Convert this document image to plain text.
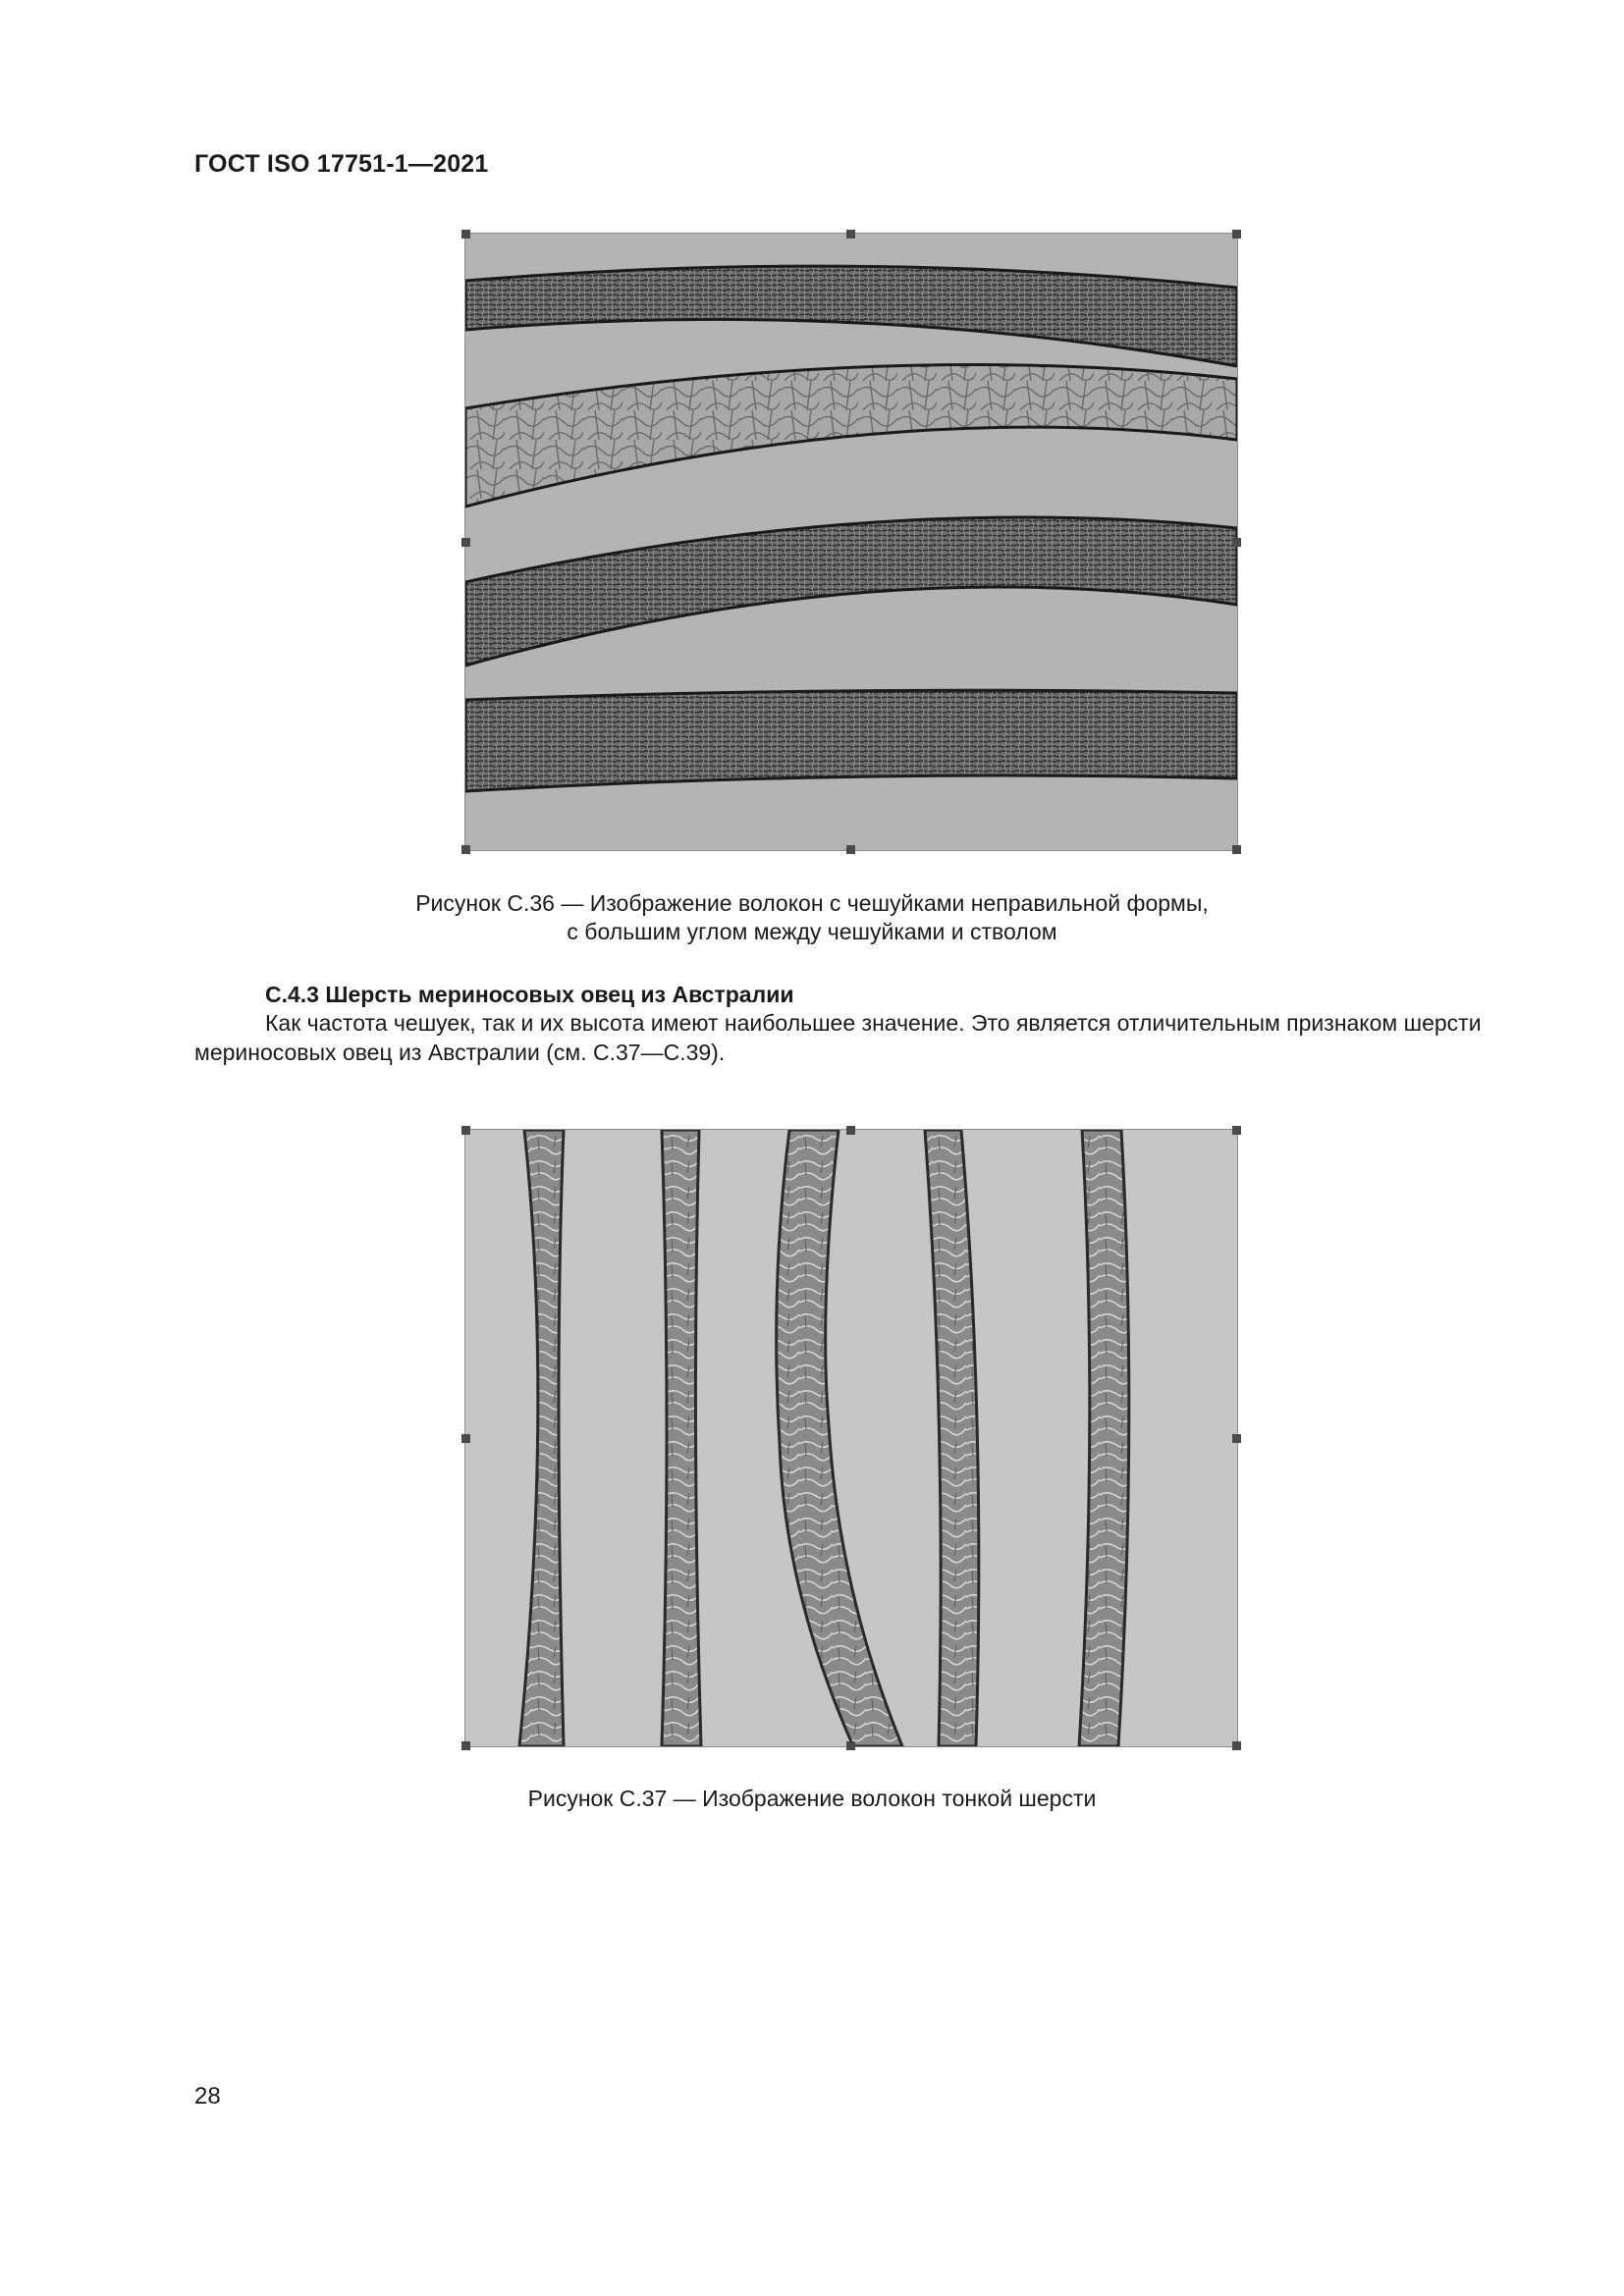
ГОСТ ISO 17751-1—2021
Рисунок С.36 — Изображение волокон с чешуйками неправильной формы,
с большим углом между чешуйками и стволом
С.4.3 Шерсть мериносовых овец из Австралии
Как частота чешуек, так и их высота имеют наибольшее значение. Это является отличительным признаком шерсти мериносовых овец из Австралии (см. С.37—С.39).
Рисунок С.37 — Изображение волокон тонкой шерсти
28
